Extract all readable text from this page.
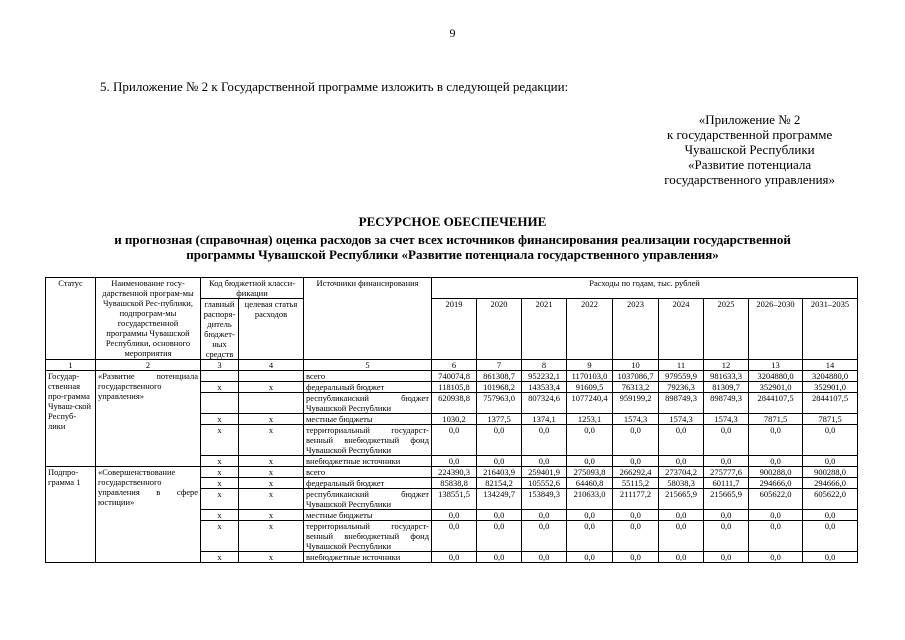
9
5. Приложение № 2 к Государственной программе изложить в следующей редакции:
«Приложение № 2
к государственной программе
Чувашской Республики
«Развитие потенциала
государственного управления»
РЕСУРСНОЕ ОБЕСПЕЧЕНИЕ
и прогнозная (справочная) оценка расходов за счет всех источников финансирования реализации государственной
программы Чувашской Республики «Развитие потенциала государственного управления»
Статус	Наименование госу-дарственной програм-мы Чувашской Рес-публики, подпрограм-мы государственной программы Чувашской Республики, основного мероприятия	Код бюджетной класси-фикации		Источники финансирования	Расходы по годам, тыс. рублей								
		главный распоря-дитель бюджет-ных средств	целевая статья расходов		2019	2020	2021	2022	2023	2024	2025	2026–2030	2031–2035

1	2	3	4	5	6	7	8	9	10	11	12	13	14
Госудаp-ственная про-грамма Чуваш-ской Респуб-лики	«Развитие потенциала государственного управления»			всего	740074,8	861308,7	952232,1	1170103,0	1037086,7	979559,9	981633,3	3204880,0	3204880,0
		x	x	федеральный бюджет	118105,8	101968,2	143533,4	91609,5	76313,2	79236,3	81309,7	352901,0	352901,0
				республиканский бюджет Чувашской Республики	620938,8	757963,0	807324,6	1077240,4	959199,2	898749,3	898749,3	2844107,5	2844107,5
		x	x	местные бюджеты	1030,2	1377,5	1374,1	1253,1	1574,3	1574,3	1574,3	7871,5	7871,5
		x	x	территориальный государст-венный внебюджетный фонд Чувашской Республики	0,0	0,0	0,0	0,0	0,0	0,0	0,0	0,0	0,0
		x	x	внебюджетные источники	0,0	0,0	0,0	0,0	0,0	0,0	0,0	0,0	0,0
Подпро-грамма 1	«Совершенствование государственного управления в сфере юстиции»	x	x	всего	224390,3	216403,9	259401,9	275093,8	266292,4	273704,2	275777,6	900288,0	900288,0
		x	x	федеральный бюджет	85838,8	82154,2	105552,6	64460,8	55115,2	58038,3	60111,7	294666,0	294666,0
		x	x	республиканский бюджет Чувашской Республики	138551,5	134249,7	153849,3	210633,0	211177,2	215665,9	215665,9	605622,0	605622,0
		x	x	местные бюджеты	0,0	0,0	0,0	0,0	0,0	0,0	0,0	0,0	0,0
		x	x	территориальный государст-венный внебюджетный фонд Чувашской Республики	0,0	0,0	0,0	0,0	0,0	0,0	0,0	0,0	0,0
		x	x	внебюджетные источники	0,0	0,0	0,0	0,0	0,0	0,0	0,0	0,0	0,0
